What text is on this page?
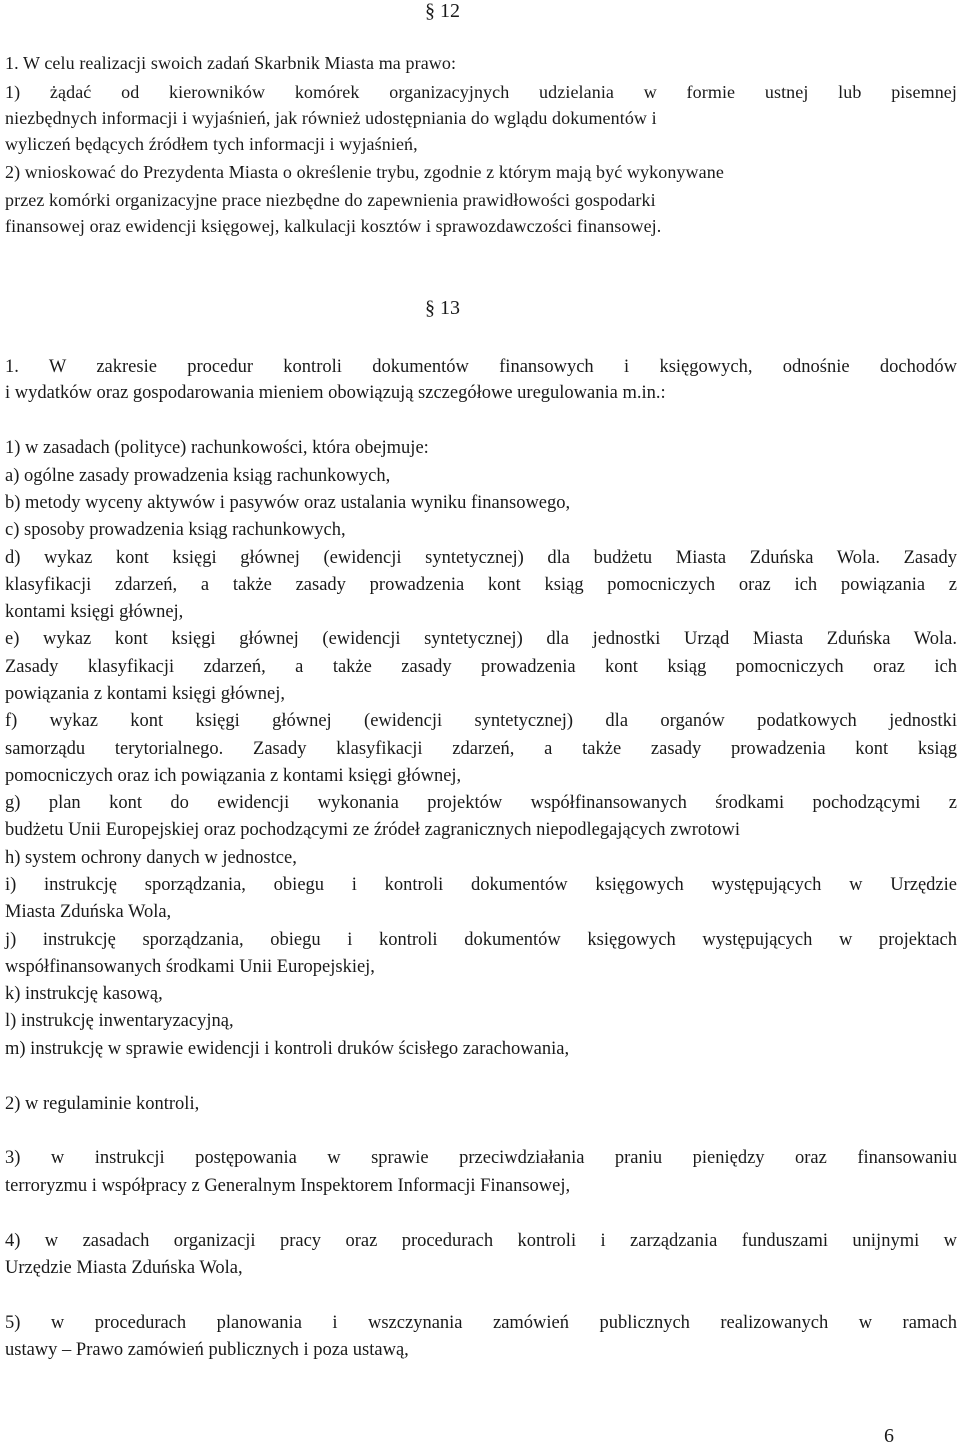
§ 12
1. W celu realizacji swoich zadań Skarbnik Miasta ma prawo:
1) żądać od kierowników komórek organizacyjnych udzielania w formie ustnej lub pisemnej
niezbędnych informacji i wyjaśnień, jak również udostępniania do wglądu dokumentów i
wyliczeń będących źródłem tych informacji i wyjaśnień,
2) wnioskować do Prezydenta Miasta o określenie trybu, zgodnie z którym mają być wykonywane
przez komórki organizacyjne prace niezbędne do zapewnienia prawidłowości gospodarki
finansowej oraz ewidencji księgowej, kalkulacji kosztów i sprawozdawczości finansowej.
§ 13
1. W zakresie procedur kontroli dokumentów finansowych i księgowych, odnośnie dochodów
i wydatków oraz gospodarowania mieniem obowiązują szczegółowe uregulowania m.in.:
1) w zasadach (polityce) rachunkowości, która obejmuje:
a) ogólne zasady prowadzenia ksiąg rachunkowych,
b) metody wyceny aktywów i pasywów oraz ustalania wyniku finansowego,
c) sposoby prowadzenia ksiąg rachunkowych,
d) wykaz kont księgi głównej (ewidencji syntetycznej) dla budżetu Miasta Zduńska Wola. Zasady
klasyfikacji zdarzeń, a także zasady prowadzenia kont ksiąg pomocniczych oraz ich powiązania z
kontami księgi głównej,
e) wykaz kont księgi głównej (ewidencji syntetycznej) dla jednostki Urząd Miasta Zduńska Wola.
Zasady klasyfikacji zdarzeń, a także zasady prowadzenia kont ksiąg pomocniczych oraz ich
powiązania z kontami księgi głównej,
f) wykaz kont księgi głównej (ewidencji syntetycznej) dla organów podatkowych jednostki
samorządu terytorialnego. Zasady klasyfikacji zdarzeń, a także zasady prowadzenia kont ksiąg
pomocniczych oraz ich powiązania z kontami księgi głównej,
g) plan kont do ewidencji wykonania projektów współfinansowanych środkami pochodzącymi z
budżetu Unii Europejskiej oraz pochodzącymi ze źródeł zagranicznych niepodlegających zwrotowi
h) system ochrony danych w jednostce,
i) instrukcję sporządzania, obiegu i kontroli dokumentów księgowych występujących w Urzędzie
Miasta Zduńska Wola,
j) instrukcję sporządzania, obiegu i kontroli dokumentów księgowych występujących w projektach
współfinansowanych środkami Unii Europejskiej,
k) instrukcję kasową,
l) instrukcję inwentaryzacyjną,
m) instrukcję w sprawie ewidencji i kontroli druków ścisłego zarachowania,
2) w regulaminie kontroli,
3) w instrukcji postępowania w sprawie przeciwdziałania praniu pieniędzy oraz finansowaniu
terroryzmu i współpracy z Generalnym Inspektorem Informacji Finansowej,
4) w zasadach organizacji pracy oraz procedurach kontroli i zarządzania funduszami unijnymi w
Urzędzie Miasta Zduńska Wola,
5) w procedurach planowania i wszczynania zamówień publicznych realizowanych w ramach
ustawy – Prawo zamówień publicznych i poza ustawą,
6
